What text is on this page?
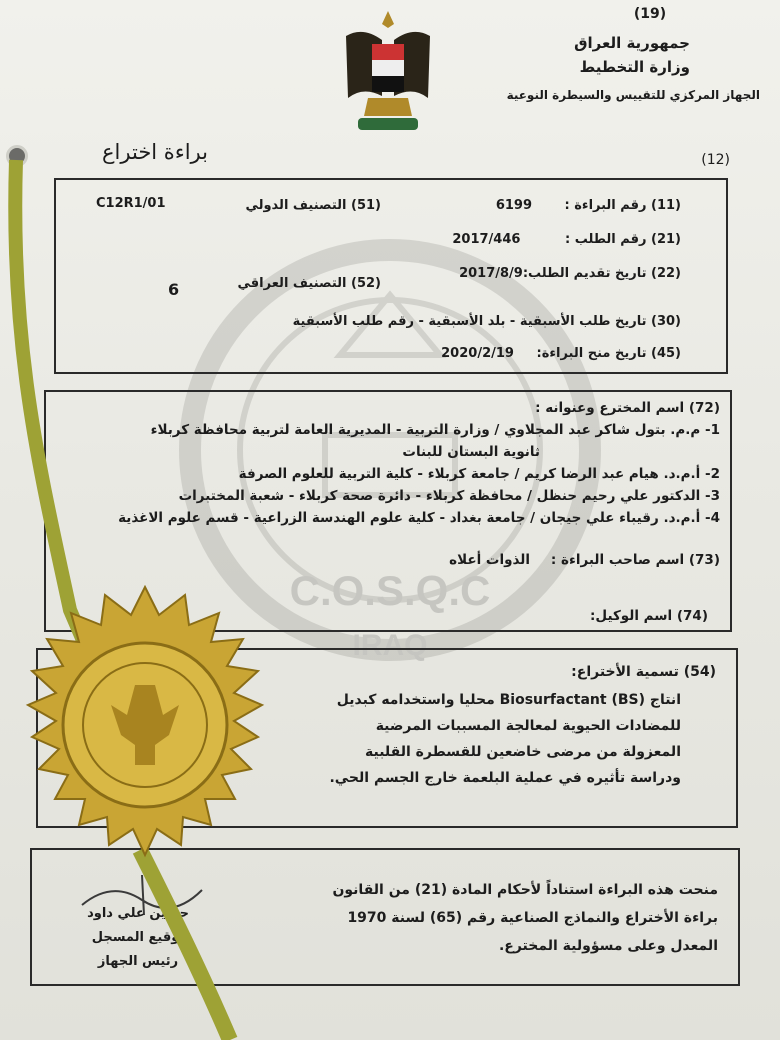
C.O.S.Q.C
IRAQ
(19)
جمهورية العراق
وزارة التخطيط
الجهاز المركزي للتقييس والسيطرة النوعية
براءة اختراع	(12)
(11) رقم البراءة : 6199
(51) التصنيف الدولي
C12R1/01
(21) رقم الطلب : 2017/446
(22) تاريخ تقديم الطلب:2017/8/9
(52) التصنيف العراقي
6
(30) تاريخ طلب الأسبقية - بلد الأسبقية - رقم طلب الأسبقية
(45) تاريخ منح البراءة: 2020/2/19
(72) اسم المخترع وعنوانه :
1- م.م. بتول شاكر عبد المجلاوي / وزارة التربية - المديرية العامة لتربية محافظة كربلاء
ثانوية البستان للبنات
2- أ.م.د. هيام عبد الرضا كريم / جامعة كربلاء - كلية التربية للعلوم الصرفة
3- الدكتور علي رحيم حنظل / محافظة كربلاء - دائرة صحة كربلاء - شعبة المختبرات
4- أ.م.د. رقيباء علي جيجان / جامعة بغداد - كلية علوم الهندسة الزراعية - قسم علوم الاغذية
(73) اسم صاحب البراءة :
الذوات أعلاه
(74) اسم الوكيل:
(54) تسمية الأختراع:
انتاج Biosurfactant (BS) محليا واستخدامه كبديل
للمضادات الحيوية لمعالجة المسببات المرضية
المعزولة من مرضى خاضعين للقسطرة القلبية
ودراسة تأثيره في عملية البلعمة خارج الجسم الحي.
منحت هذه البراءة استناداً لأحكام المادة (21) من القانون
براءة الأختراع والنماذج الصناعية رقم (65) لسنة 1970
المعدل وعلى مسؤولية المخترع.
حسين علي داود
توقيع المسجل
رئيس الجهاز
